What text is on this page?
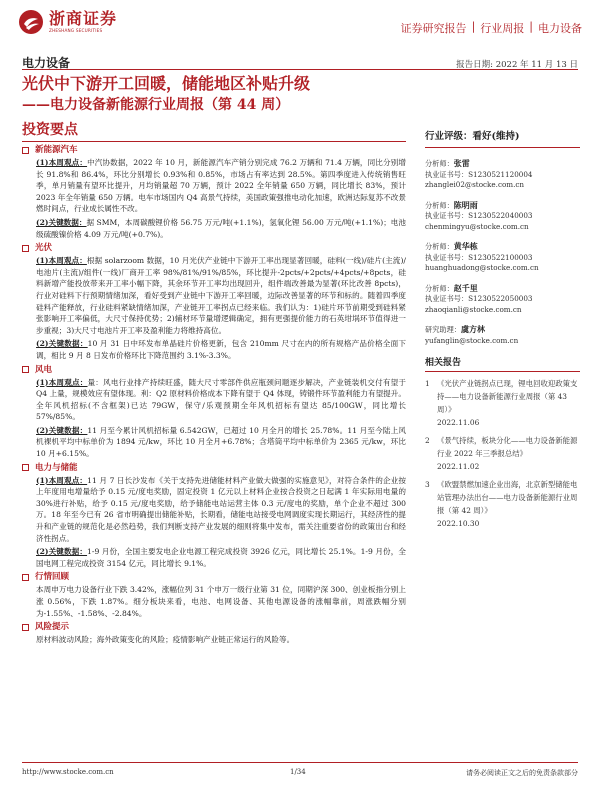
浙商证券
ZHESHANG SECURITIES	证券研究报告 | 行业周报 | 电力设备
电力设备	报告日期: 2022 年 11 月 13 日
光伏中下游开工回暖，储能地区补贴升级
——电力设备新能源行业周报（第 44 周）
投资要点
新能源汽车
(1)本周观点：中汽协数据，2022 年 10 月，新能源汽车产销分别完成 76.2 万辆和 71.4 万辆，同比分别增长 91.8%和 86.4%，环比分别增长 0.93%和 0.85%，市场占有率达到 28.5%。第四季度进入传统销售旺季，单月销量有望环比提升，月均销量超 70 万辆，预计 2022 全年销量 650 万辆，同比增长 83%，预计 2023 年全年销量 650 万辆。电车市场国内 Q4 高景气持续，美国政策强推电动化加速，欧洲达际复苏不改景燃时间点，行业成长属性不改。
(2)关键数据：据 SMM，本周碳酸锂价格 56.75 万元/吨(+1.1%)，氢氧化锂 56.00 万元/吨(+1.1%)；电池级硫酸镍价格 4.09 万元/吨(+0.7%)。
光伏
(1)本周观点：根据 solarzoom 数据，10 月光伏产业链中下游开工率出现显著回暖，硅料(一线)/硅片(主流)/电池片(主流)/组件(一线)厂商开工率 98%/81%/91%/85%，环比提升-2pcts/+2pcts/+4pcts/+8pcts，硅料新增产能投放带来开工率小幅下降，其余环节开工率均出现回升，组件端改善最为显著(环比改善 8pcts)，行业对硅料下行预期情绪加深，看好受到产业链中下游开工率回暖，边际改善显著的环节和标的。随着四季度硅料产能释放，行业硅料紧缺情绪加深，产业链开工率拐点已经来临。我们认为：1)硅片环节前期受到硅料紧张影响开工率偏低，大尺寸保持优势；2)辅材环节量增逻辑确定，拥有更强提价能力的石英坩埚环节值得进一步重视；3)大尺寸电池片开工率及盈利能力将维持高位。
(2)关键数据：10 月 31 日中环发布单晶硅片价格更新，包含 210mm 尺寸在内的所有规格产品价格全面下调，相比 9 月 8 日发布价格环比下降范围约 3.1%-3.3%。
风电
(1)本周观点：量：风电行业排产持续旺盛，随大尺寸零部件供应瓶颈问题逐步解决，产业链装机交付有望于 Q4 上量，规模效应有望体现。利：Q2 原材料价格成本下降有望于 Q4 体现，铸锻件环节盈利能力有望提升。全年风机招标(不含框架)已达 79GW，保守/乐观预期全年风机招标有望达 85/100GW，同比增长 57%/85%。
(2)关键数据：11 月至今累计风机招标量 6.542GW，已超过 10 月全月的增长 25.78%。11 月至今陆上风机裸机平均中标单价为 1894 元/kw，环比 10 月全月+6.78%；含塔筒平均中标单价为 2365 元/kw，环比 10 月+6.15%。
电力与储能
(1)本周观点：11 月 7 日长沙发布《关于支持先进储能材料产业做大做强的实施意见》，对符合条件的企业按上年度用电增量给予 0.15 元/度电奖励，固定投资 1 亿元以上材料企业按合投资之日起满 1 年实际用电量的 30%进行补贴，给予 0.15 元/度电奖励，给予储能电站运营主体 0.3 元/度电的奖励，单个企业不超过 300 万。18 年至今已有 26 省市明确提出储能补贴，长期看，储能电站接受电网调度实现长期运行，其经济性的提升和产业链的规范化是必然趋势，我们判断支持产业发展的细则将集中发布，需关注重要省份的政策出台和经济性拐点。
(2)关键数据：1-9 月份，全国主要发电企业电源工程完成投资 3926 亿元，同比增长 25.1%。1-9 月份，全国电网工程完成投资 3154 亿元，同比增长 9.1%。
行情回顾
本周申万电力设备行业下跌 3.42%，涨幅位列 31 个申万一级行业第 31 位，同期沪深 300、创业板指分别上涨 0.56%，下跌 1.87%。细分板块来看，电池、电网设备、其他电源设备的涨幅靠前，周涨跌幅分别为-1.55%、-1.58%、-2.84%。
风险提示
原材料波动风险；海外政策变化的风险；疫情影响产业链正常运行的风险等。
行业评级：看好(维持)
分析师：张雷
执业证书号：S1230521120004
zhanglei02@stocke.com.cn
分析师：陈明雨
执业证书号：S1230522040003
chenmingyu@stocke.com.cn
分析师：黄华栋
执业证书号：S1230522100003
huanghuadong@stocke.com.cn
分析师：赵千里
执业证书号：S1230522050003
zhaoqianli@stocke.com.cn
研究助理：虞方林
yufanglin@stocke.com.cn
相关报告
1 《光伏产业链拐点已现，锂电回收迎政策支持——电力设备新能源行业周报（第 43 周）》
2022.11.06
2 《景气持续，板块分化——电力设备新能源行业 2022 年三季报总结》
2022.11.02
3 《欧盟禁燃加速企业出海，北京新型储能电站管理办法出台——电力设备新能源行业周报（第 42 周）》
2022.10.30
http://www.stocke.com.cn	1/34	请务必阅读正文之后的免责条款部分
